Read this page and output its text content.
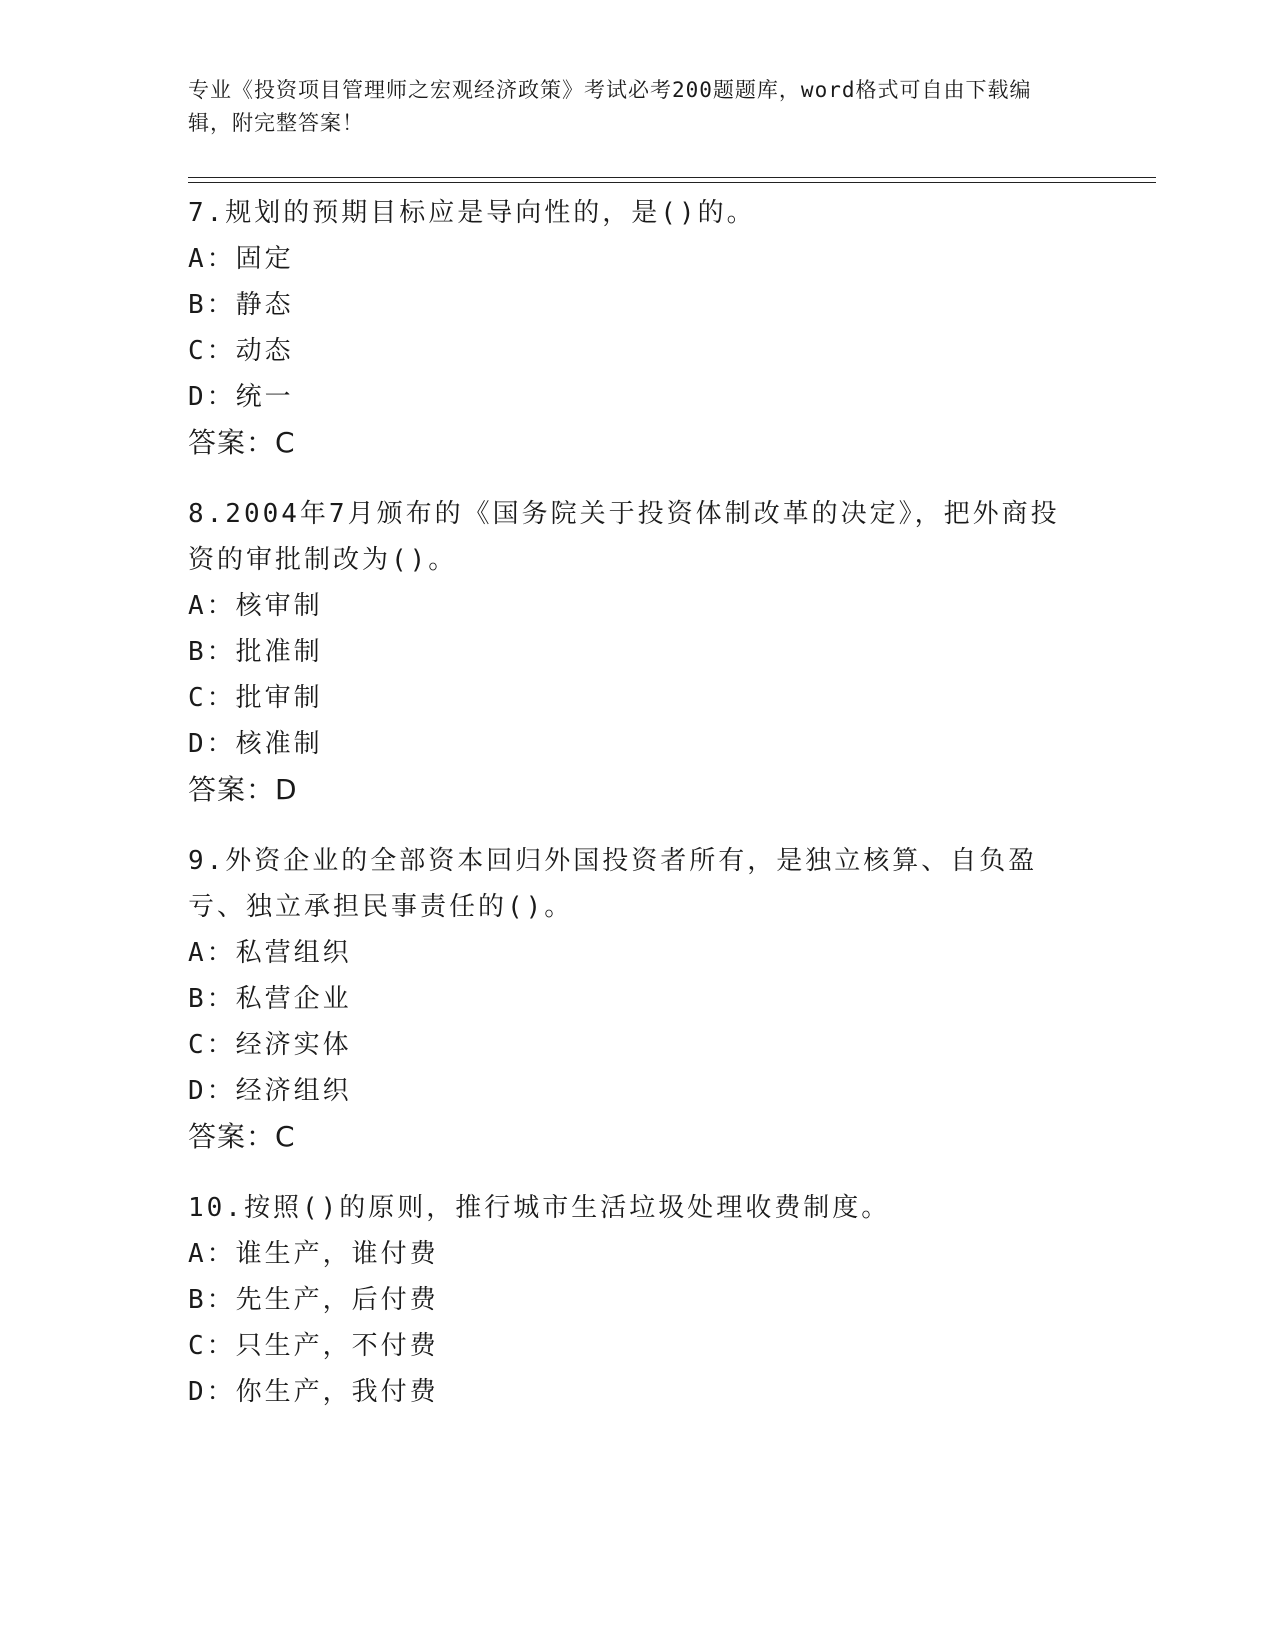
专业《投资项目管理师之宏观经济政策》考试必考200题题库，word格式可自由下载编辑，附完整答案！
7.规划的预期目标应是导向性的，是()的。
A：固定
B：静态
C：动态
D：统一
答案：C
8.2004年7月颁布的《国务院关于投资体制改革的决定》，把外商投资的审批制改为()。
A：核审制
B：批准制
C：批审制
D：核准制
答案：D
9.外资企业的全部资本回归外国投资者所有，是独立核算、自负盈亏、独立承担民事责任的()。
A：私营组织
B：私营企业
C：经济实体
D：经济组织
答案：C
10.按照()的原则，推行城市生活垃圾处理收费制度。
A：谁生产，谁付费
B：先生产，后付费
C：只生产，不付费
D：你生产，我付费
